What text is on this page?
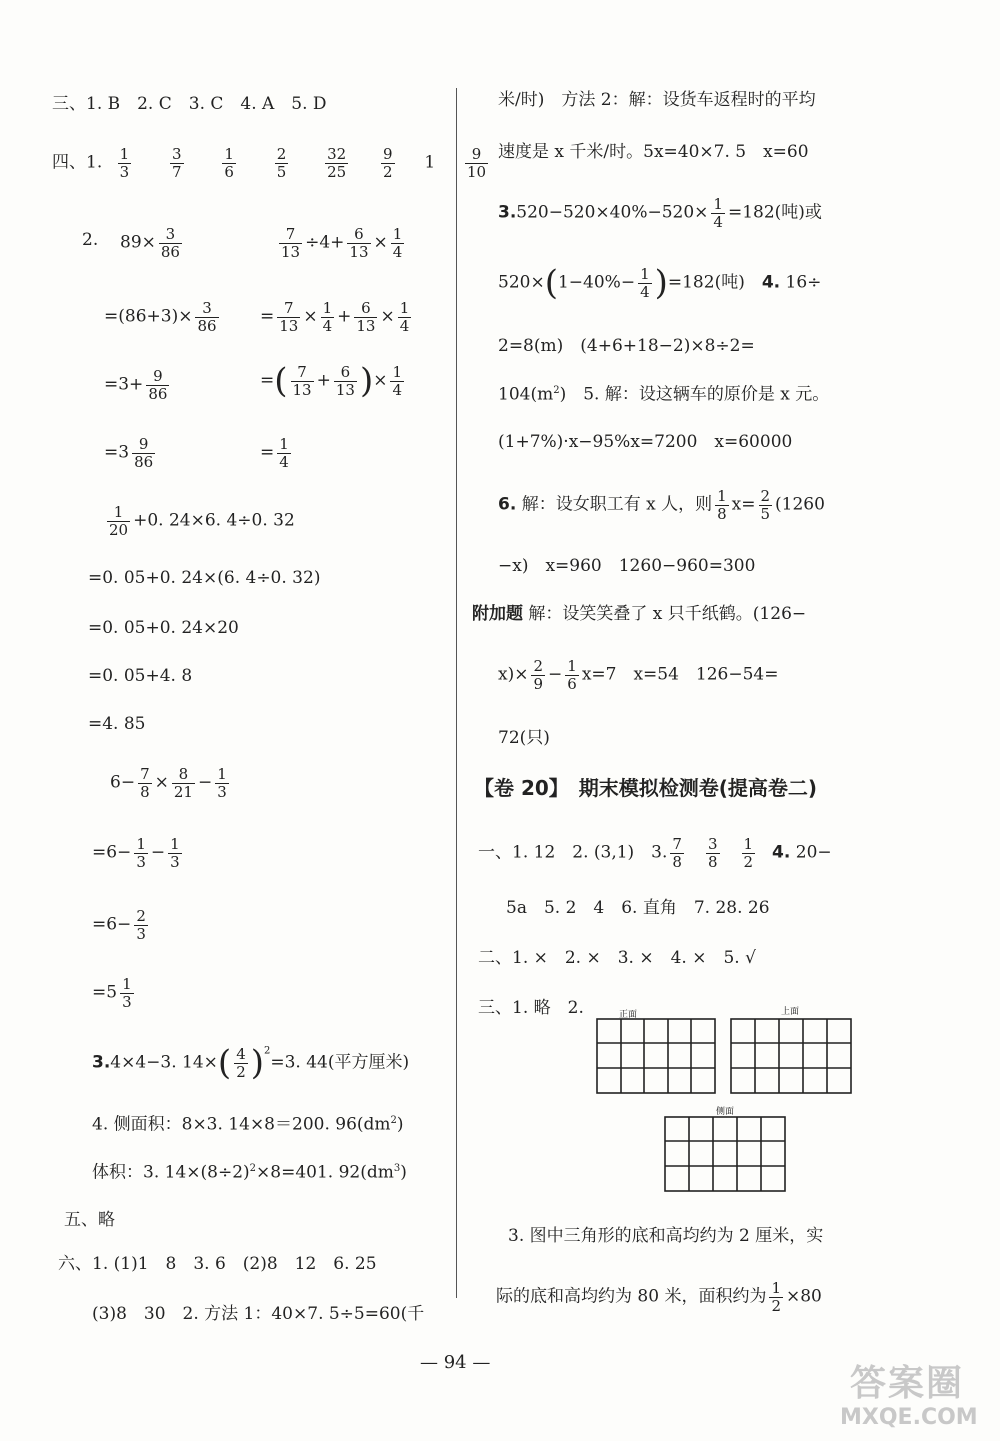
三、1. B　2. C　3. C　4. A　5. D
四、1. $\frac{1}{3}$
	$\frac{3}{7}$
	$\frac{1}{6}$
	$\frac{2}{5}$
$\frac{32}{25}$
$\frac{9}{2} 1 \frac{9}{10}$
2. $89\times \frac{3}{86}$
$=(86+3)\times \frac{3}{86}$
$=3+ \frac{9}{86}$
$=3 \frac{9}{86}$
$\frac{7}{13} \div 4+ \frac{6}{13} \times \frac{1}{4}$
= $\frac{7}{13} \times \frac{1}{4} + \frac{6}{13} \times \frac{1}{4}$
=( $\frac{7}{13} + \frac{6}{13}$ )× $\frac{1}{4}$
= $\frac{1}{4}$
$\frac{1}{20} +0$. 24×6. 4÷0. 32
=0. 05+0. 24×(6. 4÷0. 32)
=0. 05+0. 24×20
=0. 05+4. 8
=4. 85
$6- \frac{7}{8} \times \frac{8}{21} - \frac{1}{3}$
$=6- \frac{1}{3} - \frac{1}{3}$
$=6- \frac{2}{3}$
$=5 \frac{1}{3}$
3.4×4−3. $14\times( \frac{4}{2} )^2=3$. 44(平方厘米)
4. 侧面积：8×3. 14×8＝200. $96(dm^2)$
体积：3. $14\times(8\div 2)^2\times 8=401$. $92(dm^3)$
五、略
六、1. (1)1　8　3. 6　(2)8　12　6. 25
(3)8　30　2. 方法 1：40×7. 5÷5=60(千
米/时)　方法 2：解：设货车返程时的平均
速度是 x 千米/时。5x=40×7. 5　x=60
$3.520-520\times 40\%-520\times \frac{1}{4} =182$(吨)或
$520\times(1-40\%- \frac{1}{4} )=182$(吨)　 4. 16÷
2=8(m)　(4+6+18−2)×8÷2=
$104(m^2)$　5. 解：设这辆车的原价是 x 元。
(1+7%)·x−95%x=7200　x=60000
6. 解：设女职工有 x 人，则 $\frac{1}{8} x= \frac{2}{5} (1260$
−x)　x=960　1260−960=300
附加题 解：设笑笑叠了 x 只千纸鹤。(126−
$x)\times \frac{2}{9} - \frac{1}{6} x=7$　x=54　126−54=
72(只)
【卷 20】　期末模拟检测卷(提高卷二)
一、1. 12　2. (3,1)　3. $\frac{7}{8} \frac{3}{8} \frac{1}{2} 4$. 20−
5a　5. 2　4　6. 直角　7. 28. 26
二、1. ×　2. ×　3. ×　4. ×　5. √
三、1. 略　2.	正面	上面
侧面
3. 图中三角形的底和高均约为 2 厘米，实
际的底和高均约为 80 米，面积约为 $\frac{1}{2} \times 80$
— 94 —
答案圈
MXQE.COM
